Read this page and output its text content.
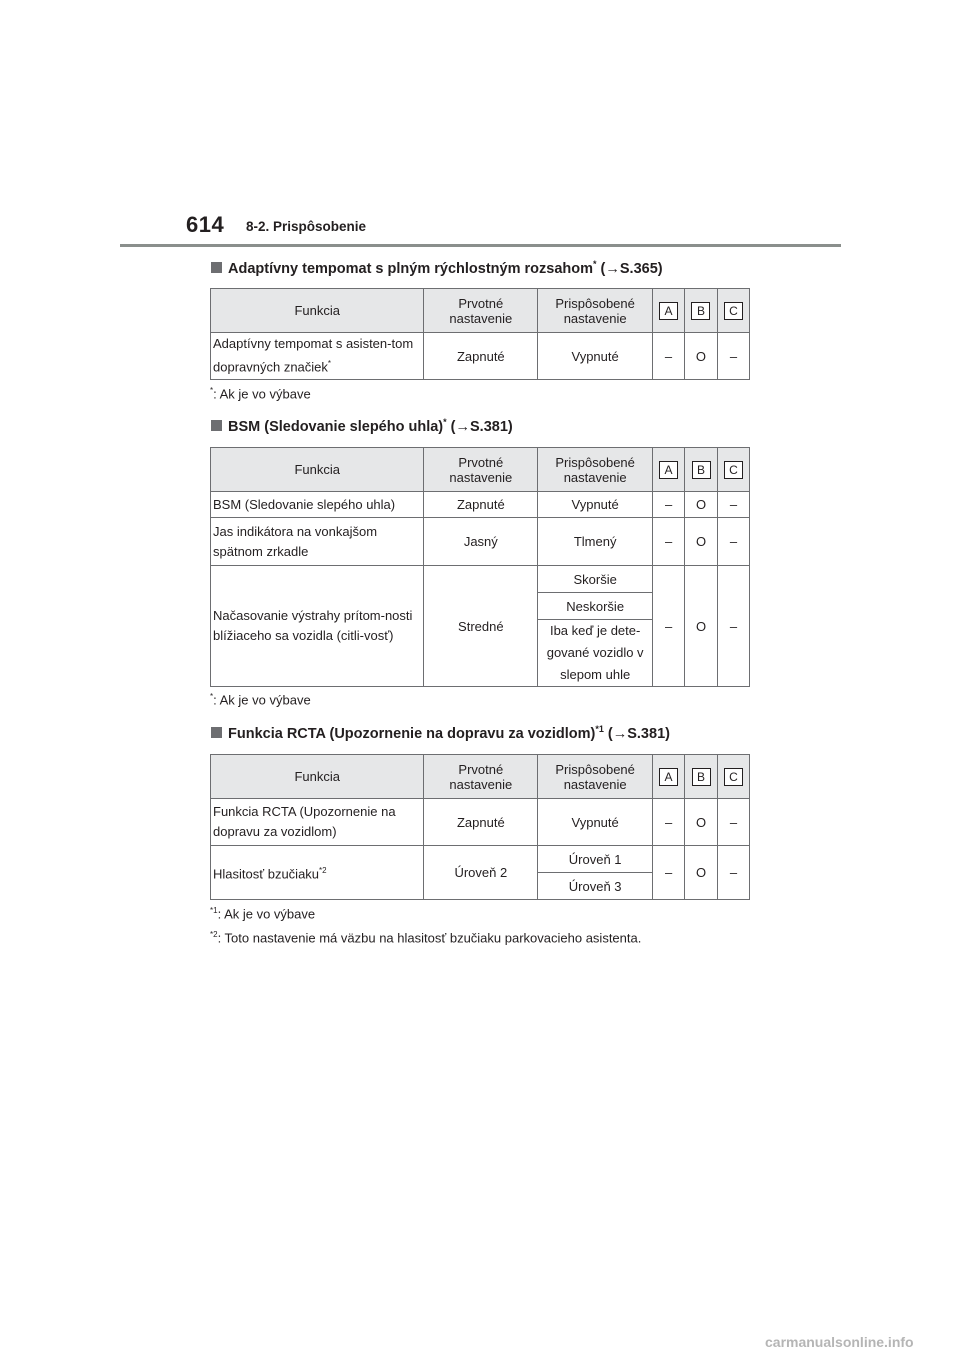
614 8-2. Prispôsobenie
Adaptívny tempomat s plným rýchlostným rozsahom* (→S.365)
Funkcia	Prvotné nastavenie	Prispôsobené nastavenie	A	B	C
Adaptívny tempomat s asisten-tom dopravných značiek*	Zapnuté	Vypnuté	–	O	–
*: Ak je vo výbave
BSM (Sledovanie slepého uhla)* (→S.381)
Funkcia	Prvotné nastavenie	Prispôsobené nastavenie	A	B	C
BSM (Sledovanie slepého uhla)	Zapnuté	Vypnuté	–	O	–
Jas indikátora na vonkajšom spätnom zrkadle	Jasný	Tlmený	–	O	–
Načasovanie výstrahy prítom-nosti blížiaceho sa vozidla (citli-vosť)	Stredné	Skoršie	–	O	–
		Neskoršie			
		Iba keď je dete-gované vozidlo v slepom uhle			
*: Ak je vo výbave
Funkcia RCTA (Upozornenie na dopravu za vozidlom)$^{*1}$ (→S.381)
Funkcia	Prvotné nastavenie	Prispôsobené nastavenie	A	B	C
Funkcia RCTA (Upozornenie na dopravu za vozidlom)	Zapnuté	Vypnuté	–	O	–
Hlasitosť bzučiaku$^{*2}$	Úroveň 2	Úroveň 1	–	O	–
		Úroveň 3			
$^{*1}$: Ak je vo výbave
$^{*2}$: Toto nastavenie má väzbu na hlasitosť bzučiaku parkovacieho asistenta.
carmanualsonline.info
